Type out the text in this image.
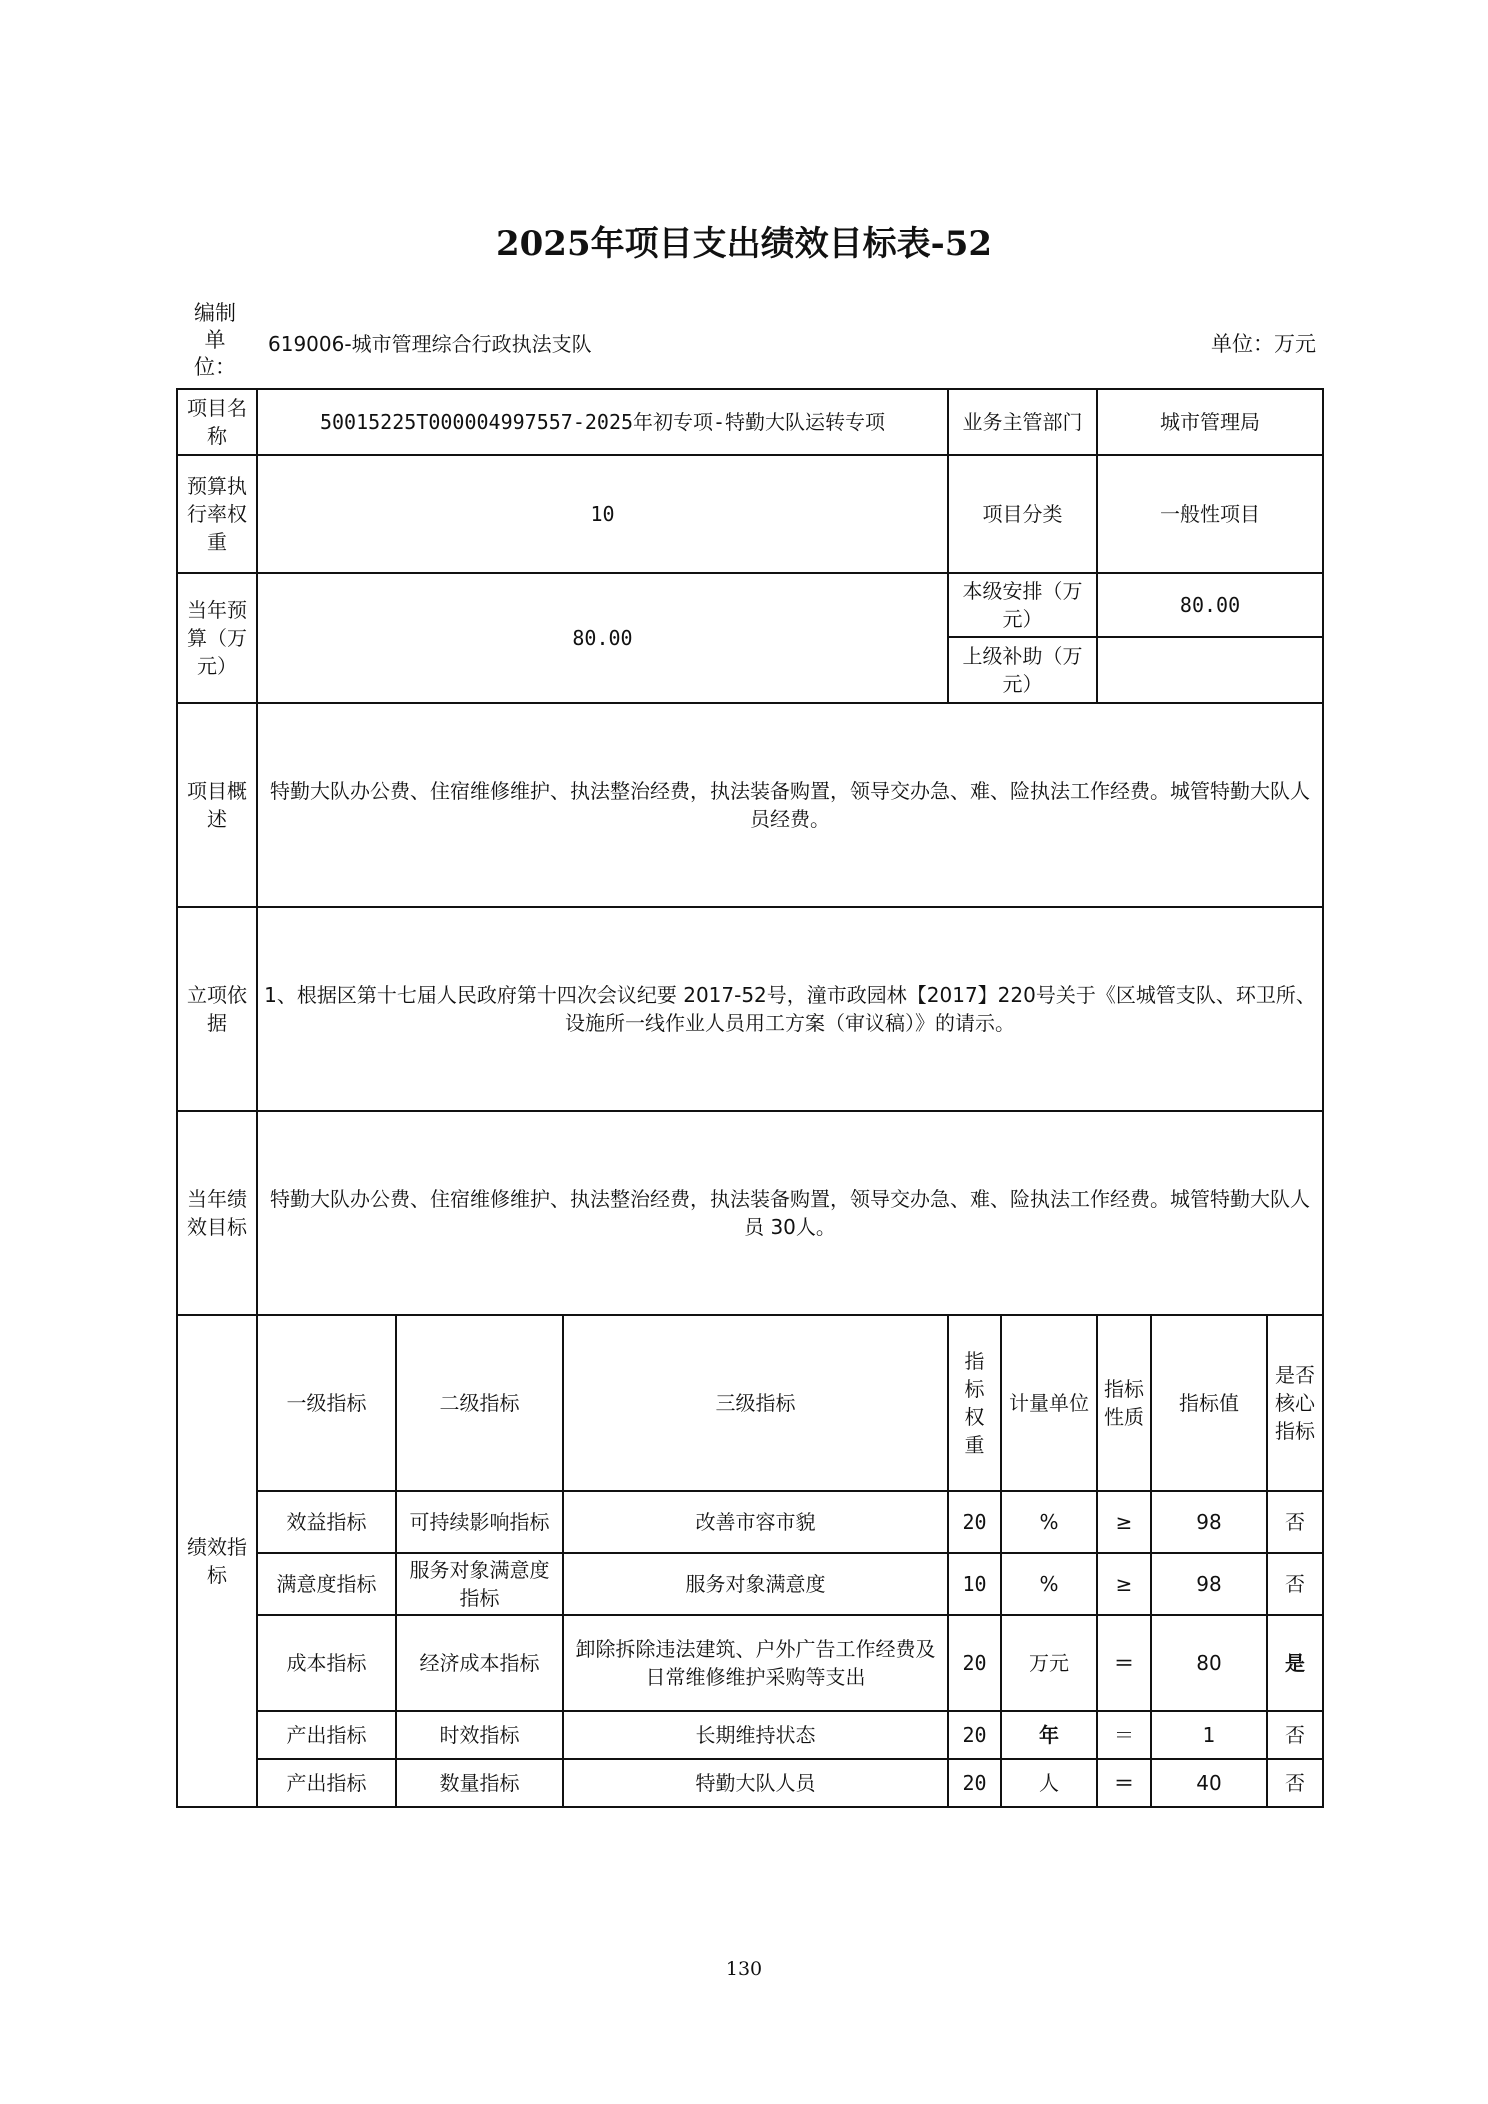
2025年项目支出绩效目标表-52
编制单位：
619006-城市管理综合行政执法支队	单位：万元
项目名称	50015225T000004997557-2025年初专项-特勤大队运转专项			业务主管部门		城市管理局		
预算执行率权重	10			项目分类		一般性项目		
当年预算（万元）	80.00			本级安排（万元）		80.00		
				上级补助（万元）				
项目概述	特勤大队办公费、住宿维修维护、执法整治经费，执法装备购置，领导交办急、难、险执法工作经费。城管特勤大队人员经费。							
立项依据	1、根据区第十七届人民政府第十四次会议纪要 2017-52号，潼市政园林【2017】220号关于《区城管支队、环卫所、设施所一线作业人员用工方案（审议稿）》的请示。							
当年绩效目标	特勤大队办公费、住宿维修维护、执法整治经费，执法装备购置，领导交办急、难、险执法工作经费。城管特勤大队人员 30人。							
绩效指标	一级指标	二级指标	三级指标	指标权重	计量单位	指标性质	指标值	是否核心指标
	效益指标	可持续影响指标	改善市容市貌	20	%	≥	98	否
	满意度指标	服务对象满意度指标	服务对象满意度	10	%	≥	98	否
	成本指标	经济成本指标	卸除拆除违法建筑、户外广告工作经费及日常维修维护采购等支出	20	万元	＝	80	是
	产出指标	时效指标	长期维持状态	20	年	＝	1	否
	产出指标	数量指标	特勤大队人员	20	人	＝	40	否
130
